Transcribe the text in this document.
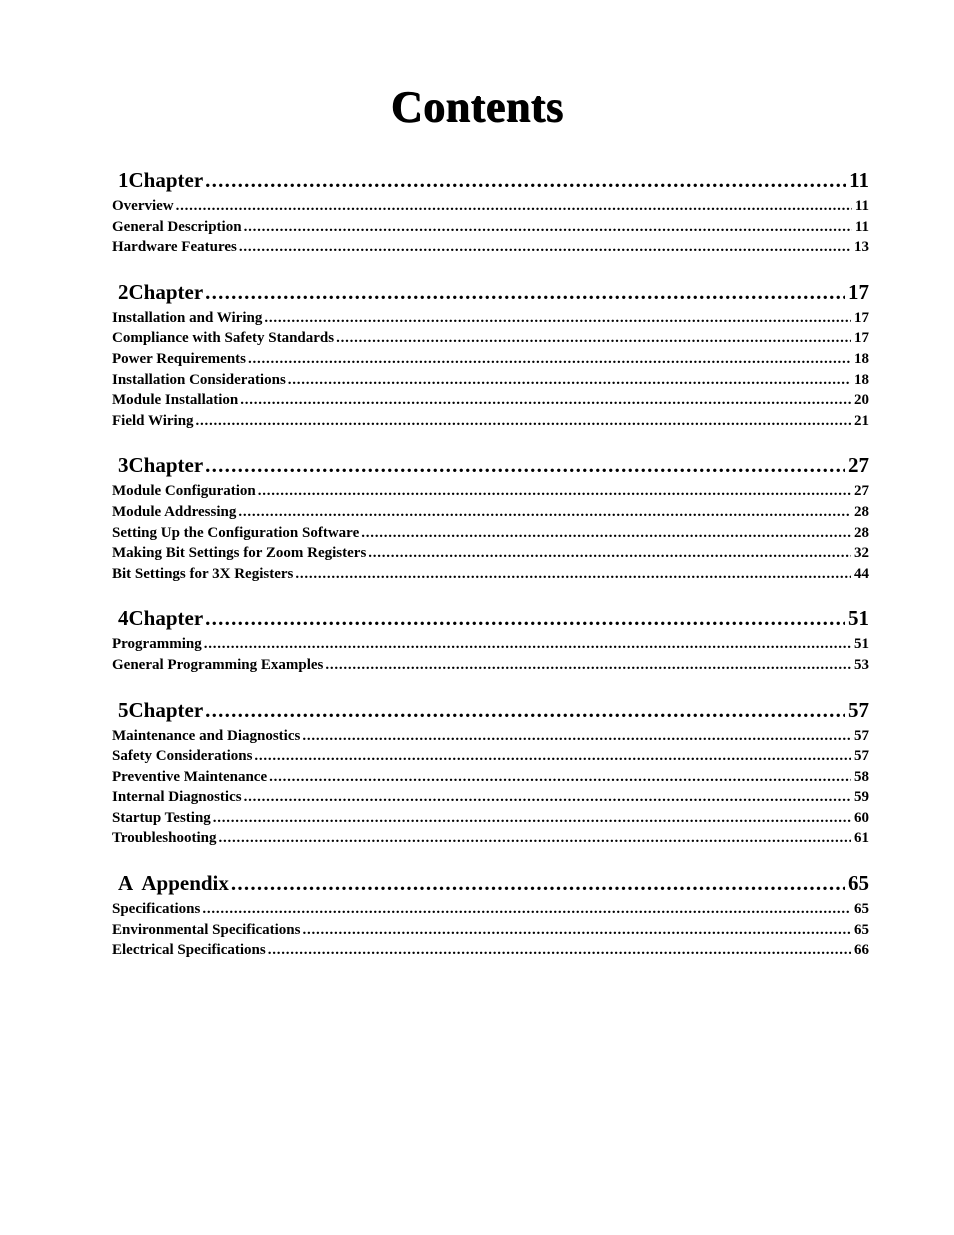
Contents
1Chapter . . .	11
Overview . . .	11
General Description . . .	11
Hardware Features . . .	13
2Chapter . . .	17
Installation and Wiring . . .	17
Compliance with Safety Standards . . .	17
Power Requirements . . .	18
Installation Considerations . . .	18
Module Installation . . .	20
Field Wiring . . .	21
3Chapter . . .	27
Module Configuration . . .	27
Module Addressing . . .	28
Setting Up the Configuration Software . . .	28
Making Bit Settings for Zoom Registers . . .	32
Bit Settings for 3X Registers . . .	44
4Chapter . . .	51
Programming . . .	51
General Programming Examples . . .	53
5Chapter . . .	57
Maintenance and Diagnostics . . .	57
Safety Considerations . . .	57
Preventive Maintenance . . .	58
Internal Diagnostics . . .	59
Startup Testing . . .	60
Troubleshooting . . .	61
A  Appendix . . .	65
Specifications . . .	65
Environmental Specifications . . .	65
Electrical Specifications . . .	66
